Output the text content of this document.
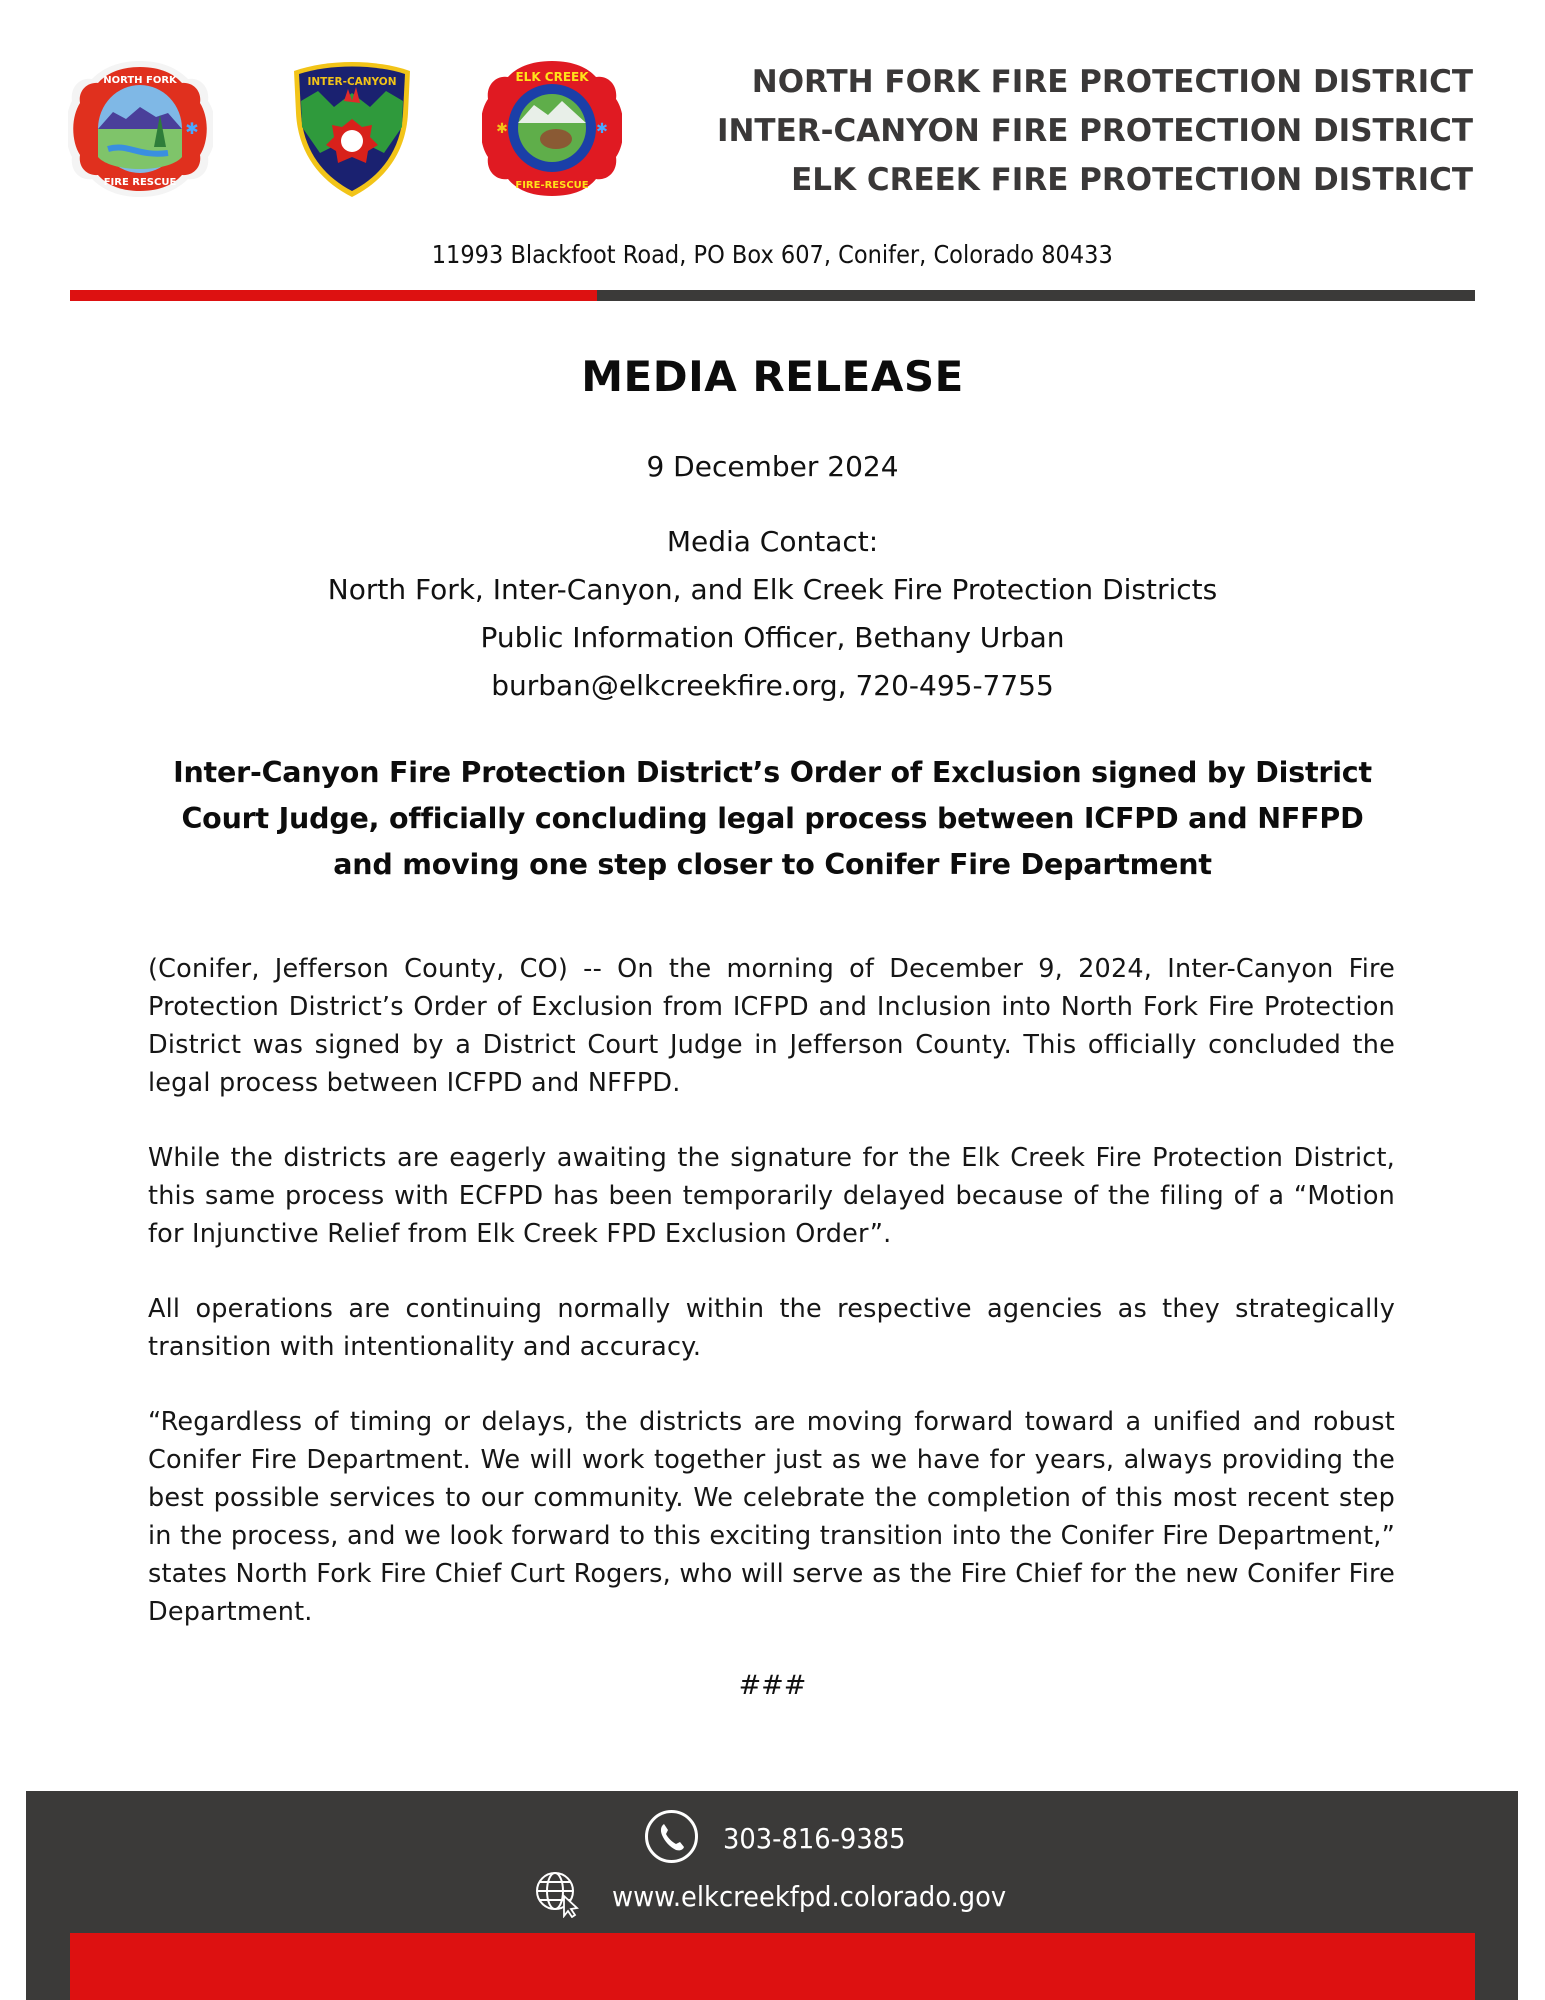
NORTH FORK
FIRE RESCUE
✱
INTER-CANYON	ELK CREEK
FIRE-RESCUE
✱
✱
NORTH FORK FIRE PROTECTION DISTRICT
INTER-CANYON FIRE PROTECTION DISTRICT
ELK CREEK FIRE PROTECTION DISTRICT
11993 Blackfoot Road, PO Box 607, Conifer, Colorado 80433
MEDIA RELEASE
9 December 2024
Media Contact:
North Fork, Inter-Canyon, and Elk Creek Fire Protection Districts
Public Information Officer, Bethany Urban
burban@elkcreekfire.org, 720-495-7755
Inter-Canyon Fire Protection District’s Order of Exclusion signed by District Court Judge, officially concluding legal process between ICFPD and NFFPD and moving one step closer to Conifer Fire Department

(Conifer, Jefferson County, CO) -- On the morning of December 9, 2024, Inter-Canyon Fire Protection District’s Order of Exclusion from ICFPD and Inclusion into North Fork Fire Protection District was signed by a District Court Judge in Jefferson County. This officially concluded the legal process between ICFPD and NFFPD.

While the districts are eagerly awaiting the signature for the Elk Creek Fire Protection District, this same process with ECFPD has been temporarily delayed because of the filing of a “Motion for Injunctive Relief from Elk Creek FPD Exclusion Order”.

All operations are continuing normally within the respective agencies as they strategically transition with intentionality and accuracy.

“Regardless of timing or delays, the districts are moving forward toward a unified and robust Conifer Fire Department. We will work together just as we have for years, always providing the best possible services to our community. We celebrate the completion of this most recent step in the process, and we look forward to this exciting transition into the Conifer Fire Department,” states North Fork Fire Chief Curt Rogers, who will serve as the Fire Chief for the new Conifer Fire Department.

###
303-816-9385
www.elkcreekfpd.colorado.gov
